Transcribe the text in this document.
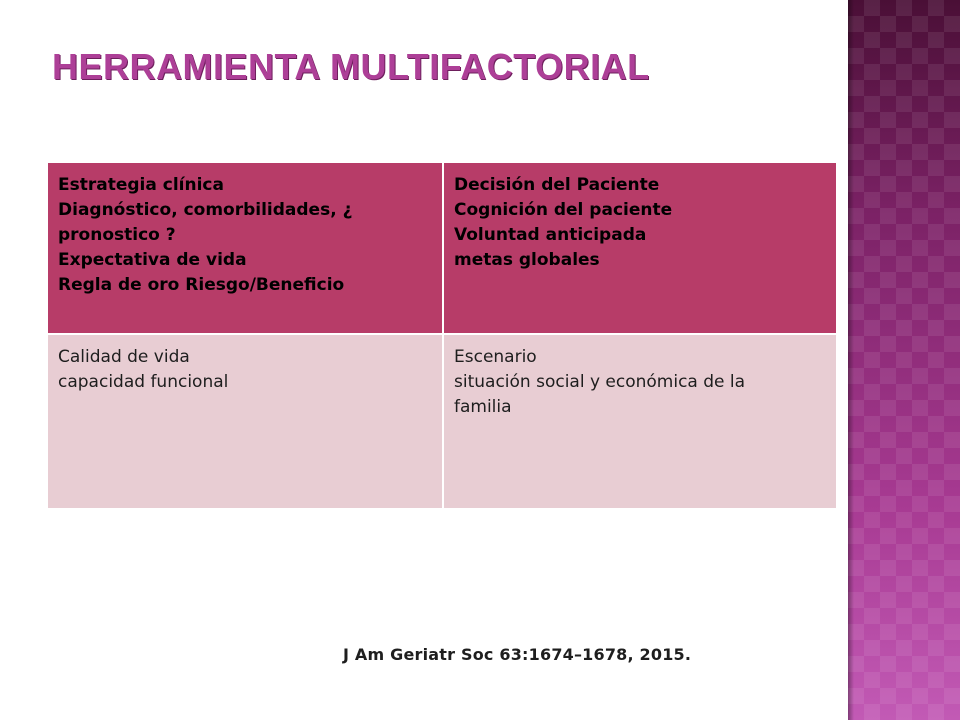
HERRAMIENTA MULTIFACTORIAL
Estrategia clínica
Diagnóstico, comorbilidades, ¿
pronostico ?
Expectativa de vida
Regla de oro Riesgo/Beneficio
Decisión del Paciente
Cognición del paciente
Voluntad anticipada
metas globales
Calidad de vida
capacidad funcional
Escenario
situación social y económica de la
familia
J Am Geriatr Soc 63:1674–1678, 2015.
